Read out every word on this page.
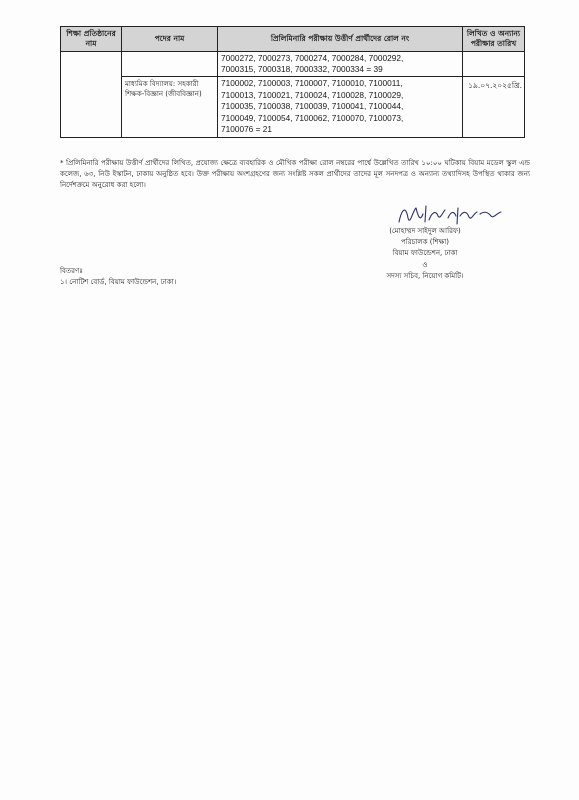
শিক্ষা প্রতিষ্ঠানের নাম	পদের নাম	প্রিলিমিনারি পরীক্ষায় উত্তীর্ণ প্রার্থীদের রোল নং	লিখিত ও অন্যান্য পরীক্ষার তারিখ

		7000272, 7000273, 7000274, 7000284, 7000292,
7000315, 7000318, 7000332, 7000334 = 39	

	মাধ্যমিক বিদ্যালয়: সহকারী শিক্ষক-বিজ্ঞান (জীববিজ্ঞান)	7100002, 7100003, 7100007, 7100010, 7100011,
7100013, 7100021, 7100024, 7100028, 7100029,
7100035, 7100038, 7100039, 7100041, 7100044,
7100049, 7100054, 7100062, 7100070, 7100073,
7100076 = 21	১৯.০৭.২০২৫খ্রি.
* প্রিলিমিনারি পরীক্ষায় উত্তীর্ণ প্রার্থীদের লিখিত, প্রযোজ্য ক্ষেত্রে ব্যবহারিক ও মৌখিক পরীক্ষা রোল নম্বরের পার্শ্বে উল্লেখিত তারিখ ১০:০০ ঘটিকায় বিয়াম মডেল স্কুল এন্ড কলেজ, ৬৩, নিউ ইস্কাটন, ঢাকায় অনুষ্ঠিত হবে। উক্ত পরীক্ষায় অংশগ্রহণের জন্য সংশ্লিষ্ট সকল প্রার্থীদের তাদের মূল সনদপত্র ও অন্যান্য তথ্যাদিসহ উপস্থিত থাকার জন্য নির্দেশক্রমে অনুরোধ করা হলো।
(মোহাম্মদ সাইদুল আরিফ)
পরিচালক (শিক্ষা)
বিয়াম ফাউন্ডেশন, ঢাকা
ও
সদস্য সচিব, নিয়োগ কমিটি।
বিতরণঃ
১। নোটিশ বোর্ড, বিয়াম ফাউন্ডেশন, ঢাকা।
